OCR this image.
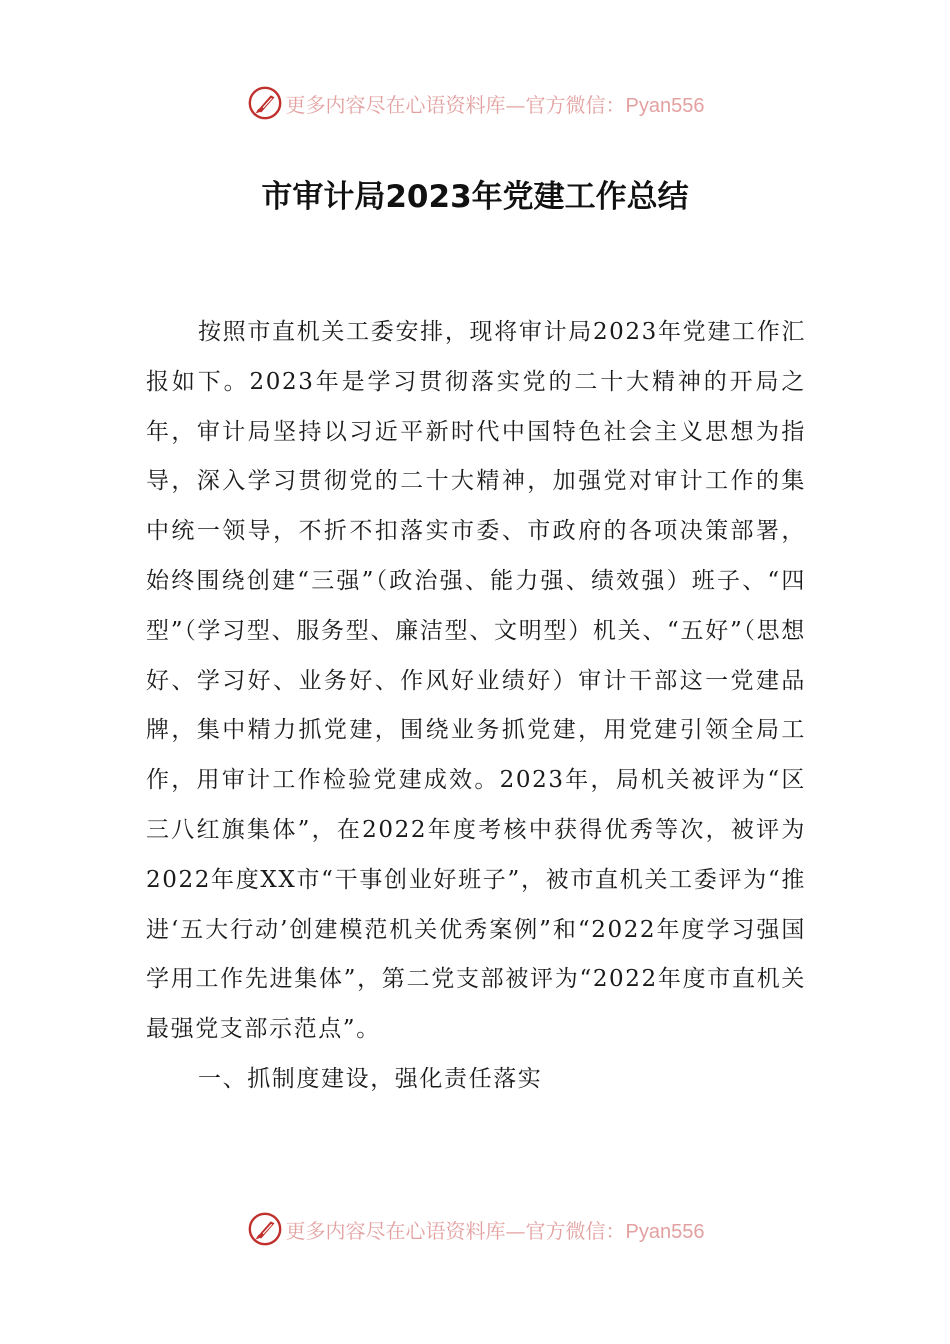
更多内容尽在心语资料库—官方微信：Pyan556
市审计局2023年党建工作总结

按照市直机关工委安排，现将审计局2023年党建工作汇报如下。2023年是学习贯彻落实党的二十大精神的开局之年，审计局坚持以习近平新时代中国特色社会主义思想为指导，深入学习贯彻党的二十大精神，加强党对审计工作的集中统一领导，不折不扣落实市委、市政府的各项决策部署，始终围绕创建“三强”（政治强、能力强、绩效强）班子、“四型”（学习型、服务型、廉洁型、文明型）机关、“五好”（思想好、学习好、业务好、作风好业绩好）审计干部这一党建品牌，集中精力抓党建，围绕业务抓党建，用党建引领全局工作，用审计工作检验党建成效。2023年，局机关被评为“区三八红旗集体”，在2022年度考核中获得优秀等次，被评为2022年度XX市“干事创业好班子”，被市直机关工委评为“推进‘五大行动’创建模范机关优秀案例”和“2022年度学习强国学用工作先进集体”，第二党支部被评为“2022年度市直机关最强党支部示范点”。

一、抓制度建设，强化责任落实

更多内容尽在心语资料库—官方微信：Pyan556
